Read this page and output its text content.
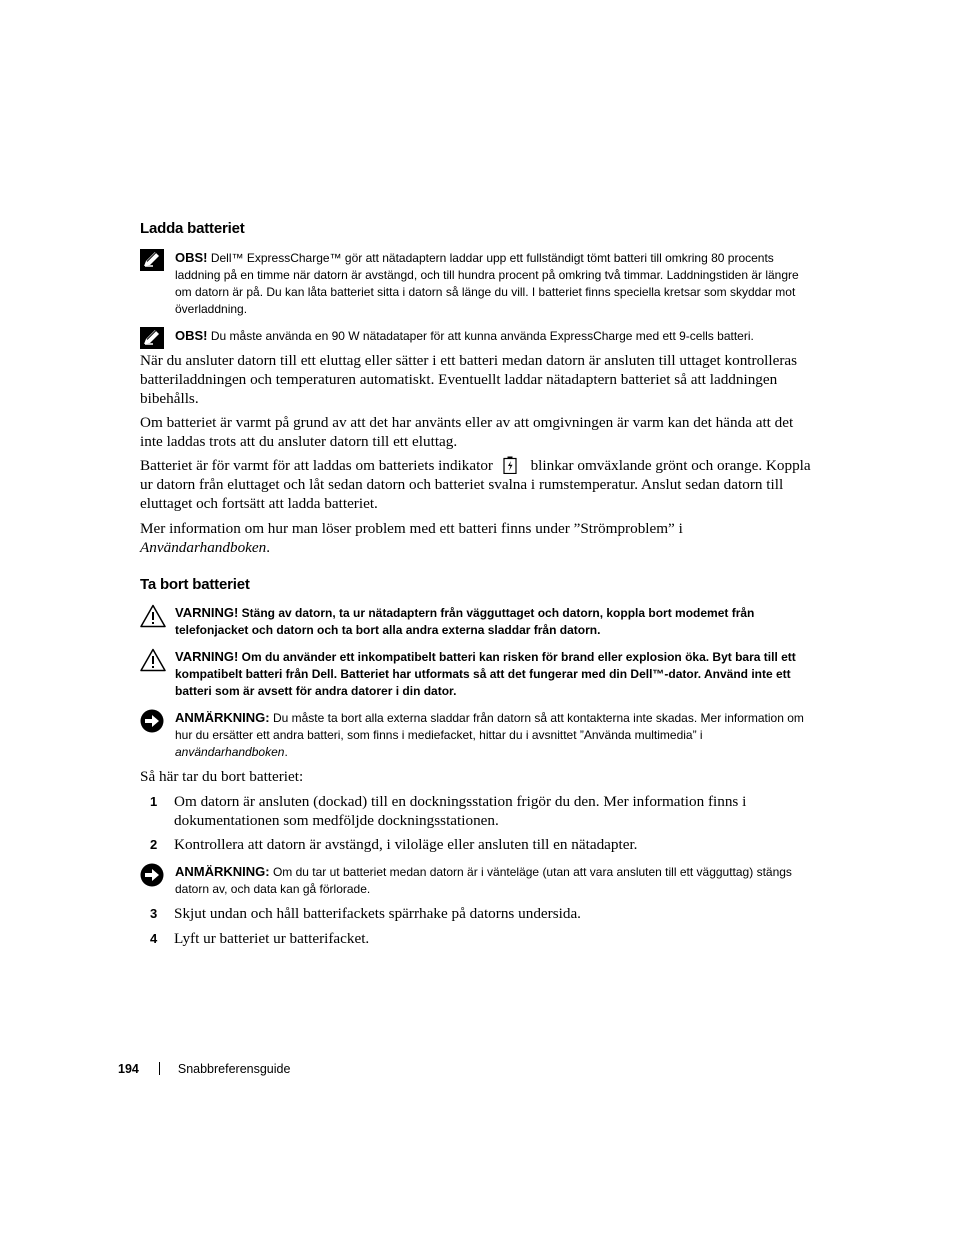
Ladda batteriet
OBS! Dell™ ExpressCharge™ gör att nätadaptern laddar upp ett fullständigt tömt batteri till omkring 80 procents laddning på en timme när datorn är avstängd, och till hundra procent på omkring två timmar. Laddningstiden är längre om datorn är på. Du kan låta batteriet sitta i datorn så länge du vill. I batteriet finns speciella kretsar som skyddar mot överladdning.
OBS! Du måste använda en 90 W nätadataper för att kunna använda ExpressCharge med ett 9-cells batteri.

När du ansluter datorn till ett eluttag eller sätter i ett batteri medan datorn är ansluten till uttaget kontrolleras batteriladdningen och temperaturen automatiskt. Eventuellt laddar nätadaptern batteriet så att laddningen bibehålls.

Om batteriet är varmt på grund av att det har använts eller av att omgivningen är varm kan det hända att det inte laddas trots att du ansluter datorn till ett eluttag.

Batteriet är för varmt för att laddas om batteriets indikator blinkar omväxlande grönt och orange. Koppla ur datorn från eluttaget och låt sedan datorn och batteriet svalna i rumstemperatur. Anslut sedan datorn till eluttaget och fortsätt att ladda batteriet.

Mer information om hur man löser problem med ett batteri finns under ”Strömproblem” i Användarhandboken.

Ta bort batteriet
VARNING! Stäng av datorn, ta ur nätadaptern från vägguttaget och datorn, koppla bort modemet från telefonjacket och datorn och ta bort alla andra externa sladdar från datorn.
VARNING! Om du använder ett inkompatibelt batteri kan risken för brand eller explosion öka. Byt bara till ett kompatibelt batteri från Dell. Batteriet har utformats så att det fungerar med din Dell™-dator. Använd inte ett batteri som är avsett för andra datorer i din dator.
ANMÄRKNING: Du måste ta bort alla externa sladdar från datorn så att kontakterna inte skadas. Mer information om hur du ersätter ett andra batteri, som finns i mediefacket, hittar du i avsnittet ”Använda multimedia” i användarhandboken.

Så här tar du bort batteriet:

1 Om datorn är ansluten (dockad) till en dockningsstation frigör du den. Mer information finns i dokumentationen som medföljde dockningsstationen.
2 Kontrollera att datorn är avstängd, i viloläge eller ansluten till en nätadapter.
ANMÄRKNING: Om du tar ut batteriet medan datorn är i vänteläge (utan att vara ansluten till ett vägguttag) stängs datorn av, och data kan gå förlorade.
3 Skjut undan och håll batterifackets spärrhake på datorns undersida.
4 Lyft ur batteriet ur batterifacket.
194	Snabbreferensguide
